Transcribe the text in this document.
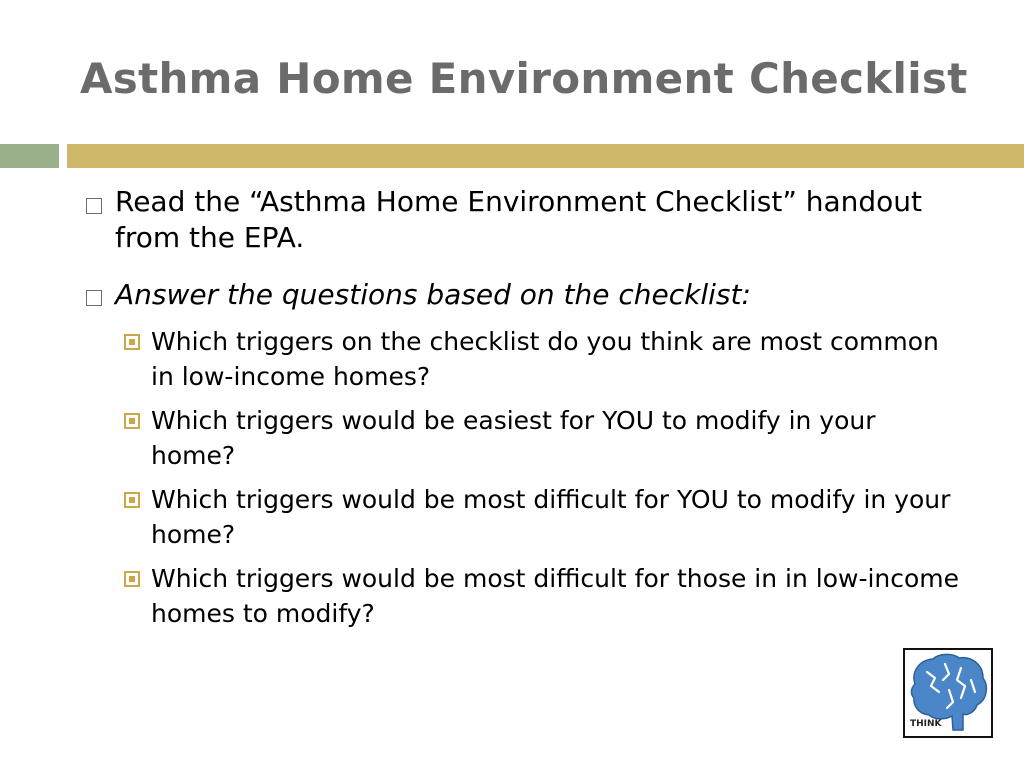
Asthma Home Environment Checklist
Read the “Asthma Home Environment Checklist” handout from the EPA.
Answer the questions based on the checklist:
Which triggers on the checklist do you think are most common in low-income homes?
Which triggers would be easiest for YOU to modify in your home?
Which triggers would be most difficult for YOU to modify in your home?
Which triggers would be most difficult for those in in low-income homes to modify?
THINK
